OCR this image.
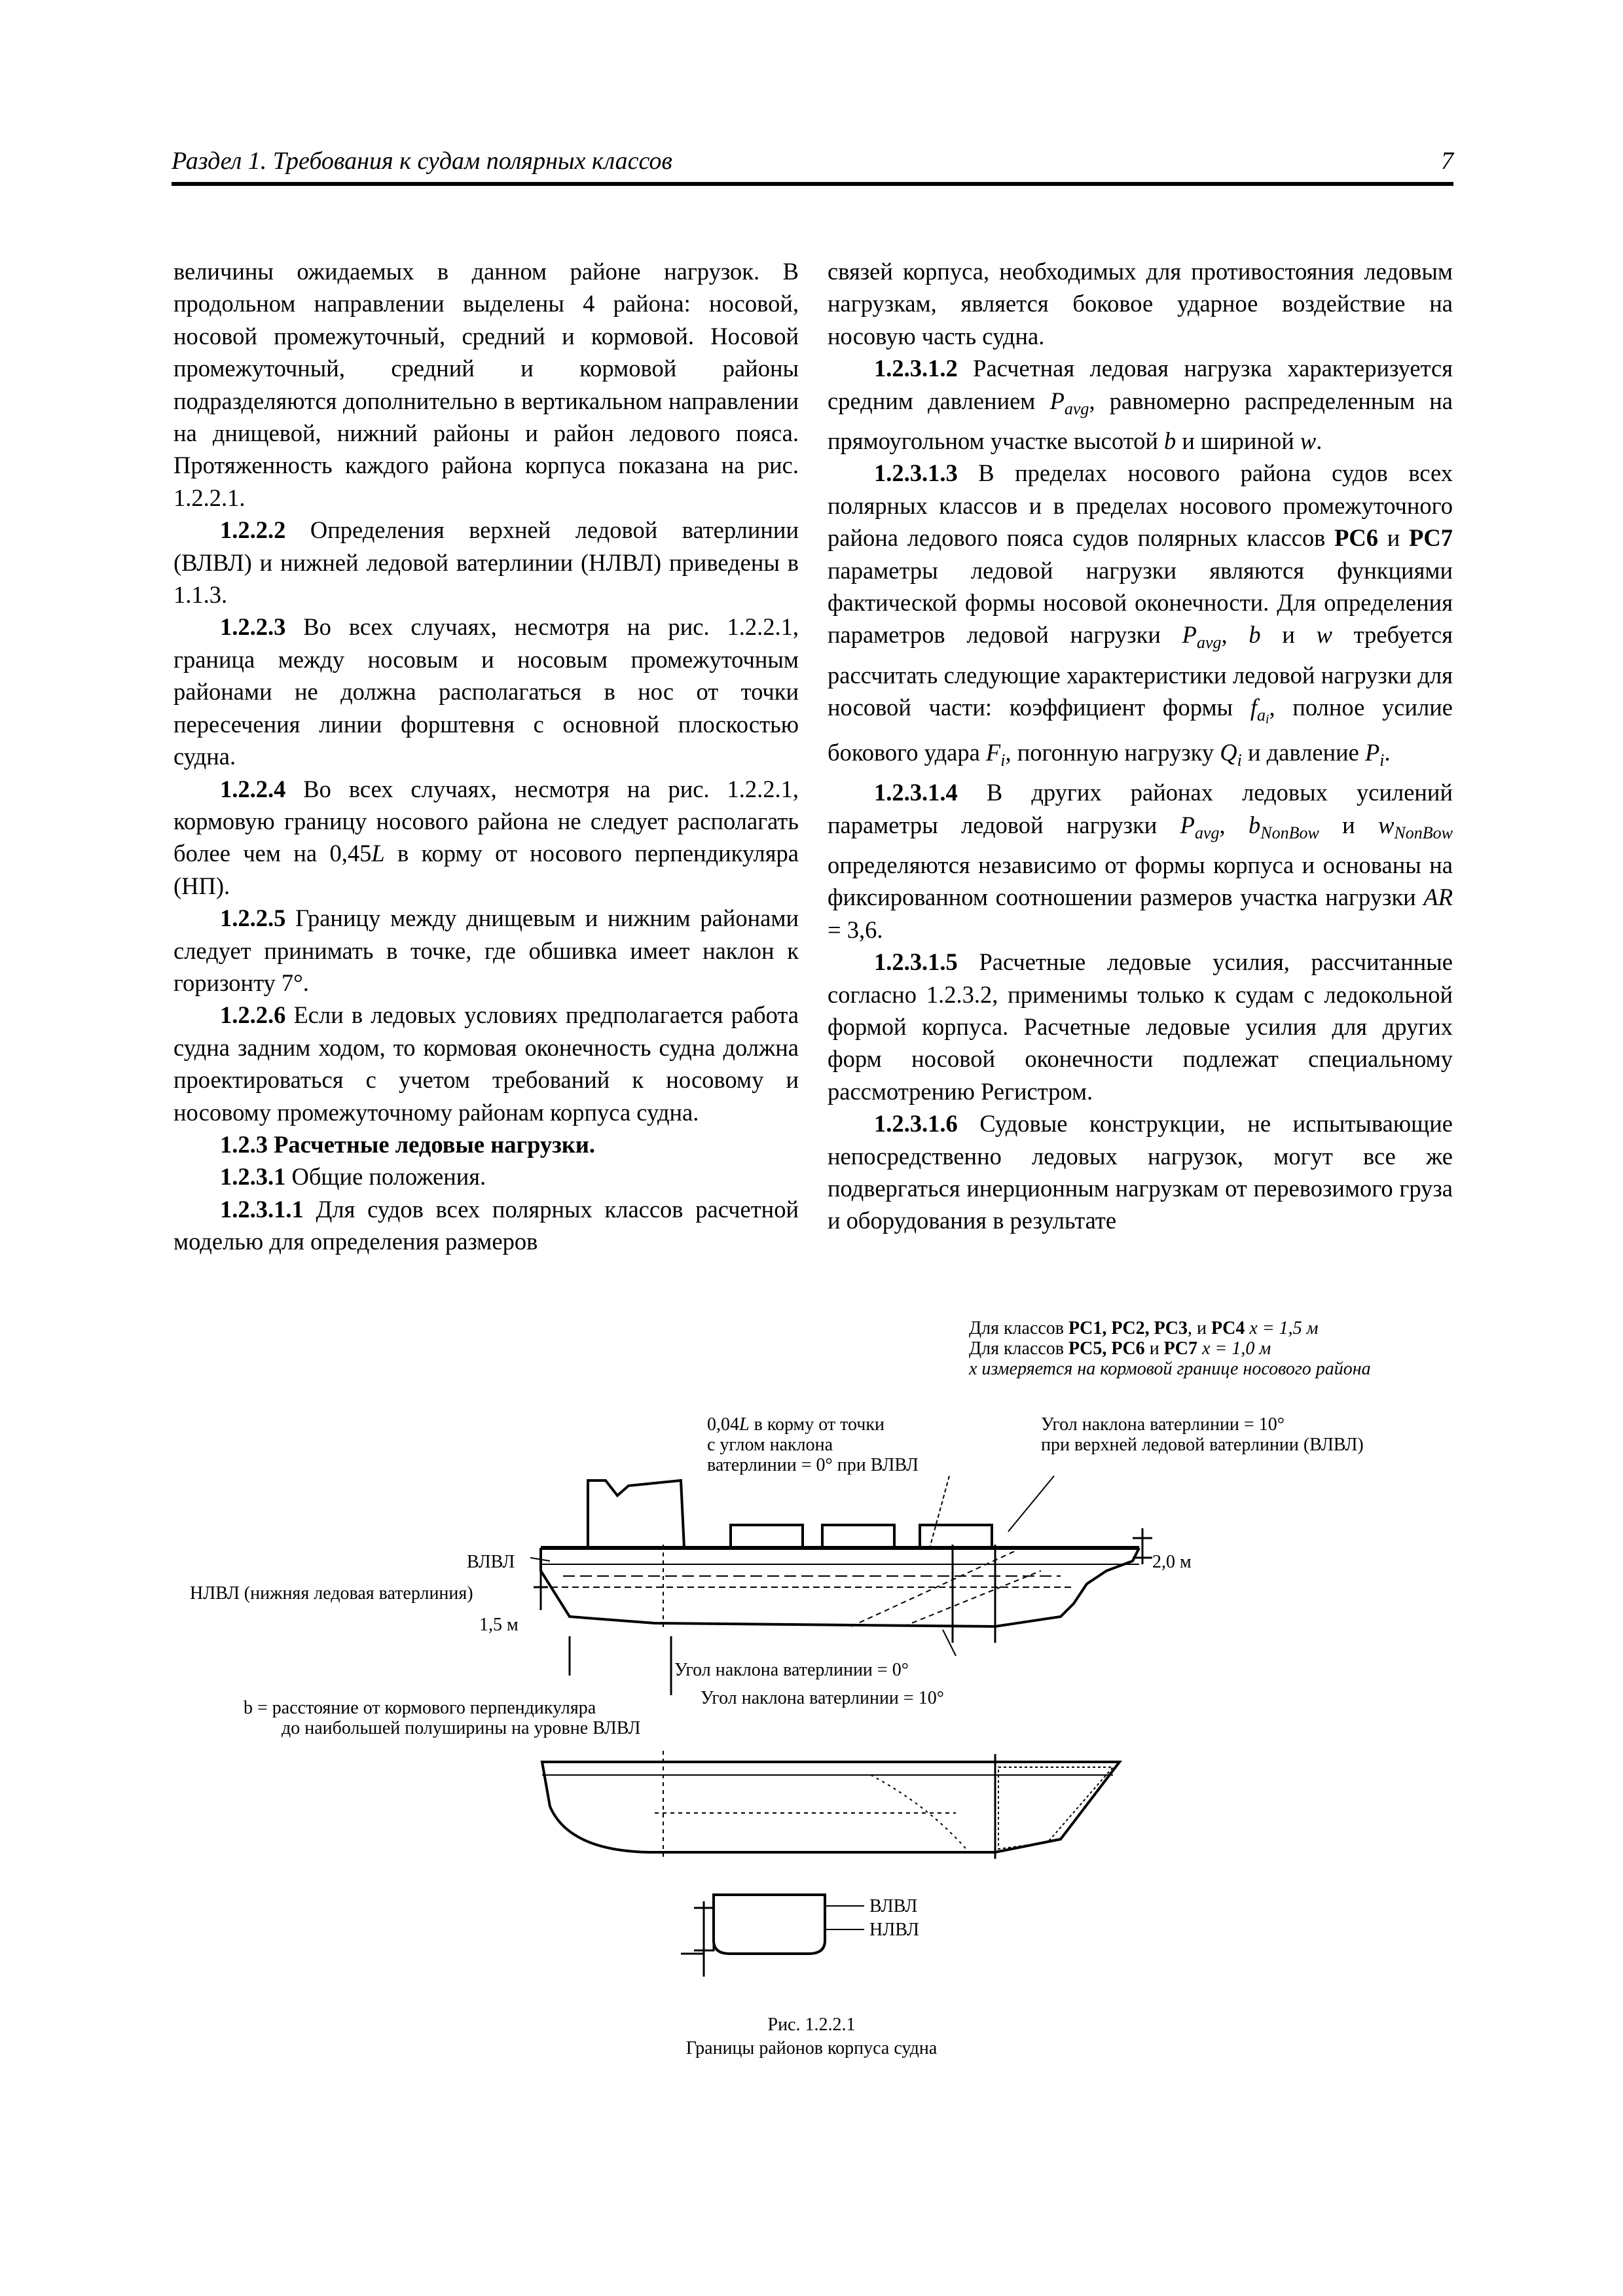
Раздел 1. Требования к судам полярных классов	7

величины ожидаемых в данном районе нагрузок. В продольном направлении выделены 4 района: носовой, носовой промежуточный, средний и кормовой. Носовой промежуточный, средний и кормовой районы подразделяются дополнительно в вертикальном направлении на днищевой, нижний районы и район ледового пояса. Протяженность каждого района корпуса показана на рис. 1.2.2.1.

1.2.2.2 Определения верхней ледовой ватерлинии (ВЛВЛ) и нижней ледовой ватерлинии (НЛВЛ) приведены в 1.1.3.

1.2.2.3 Во всех случаях, несмотря на рис. 1.2.2.1, граница между носовым и носовым промежуточным районами не должна располагаться в нос от точки пересечения линии форштевня с основной плоскостью судна.

1.2.2.4 Во всех случаях, несмотря на рис. 1.2.2.1, кормовую границу носового района не следует располагать более чем на 0,45L в корму от носового перпендикуляра (НП).

1.2.2.5 Границу между днищевым и нижним районами следует принимать в точке, где обшивка имеет наклон к горизонту 7°.

1.2.2.6 Если в ледовых условиях предполагается работа судна задним ходом, то кормовая оконечность судна должна проектироваться с учетом требований к носовому и носовому промежуточному районам корпуса судна.

1.2.3 Расчетные ледовые нагрузки.

1.2.3.1 Общие положения.

1.2.3.1.1 Для судов всех полярных классов расчетной моделью для определения размеров

связей корпуса, необходимых для противостояния ледовым нагрузкам, является боковое ударное воздействие на носовую часть судна.

1.2.3.1.2 Расчетная ледовая нагрузка характеризуется средним давлением $P_{avg}$, равномерно распределенным на прямоугольном участке высотой b и шириной w.

1.2.3.1.3 В пределах носового района судов всех полярных классов и в пределах носового промежуточного района ледового пояса судов полярных классов PC6 и PC7 параметры ледовой нагрузки являются функциями фактической формы носовой оконечности. Для определения параметров ледовой нагрузки $P_{avg}$, b и w требуется рассчитать следующие характеристики ледовой нагрузки для носовой части: коэффициент формы $f_{ai}$, полное усилие бокового удара $F_i$, погонную нагрузку $Q_i$ и давление $P_i$.

1.2.3.1.4 В других районах ледовых усилений параметры ледовой нагрузки $P_{avg}$, $b_{NonBow}$ и $w_{NonBow}$ определяются независимо от формы корпуса и основаны на фиксированном соотношении размеров участка нагрузки AR = 3,6.

1.2.3.1.5 Расчетные ледовые усилия, рассчитанные согласно 1.2.3.2, применимы только к судам с ледокольной формой корпуса. Расчетные ледовые усилия для других форм носовой оконечности подлежат специальному рассмотрению Регистром.

1.2.3.1.6 Судовые конструкции, не испытывающие непосредственно ледовых нагрузок, могут все же подвергаться инерционным нагрузкам от перевозимого груза и оборудования в результате

Для классов PC1, PC2, PC3, и PC4 x = 1,5 м
Для классов PC5, PC6 и PC7 x = 1,0 м
x измеряется на кормовой границе носового района
0,04L в корму от точки
с углом наклона
ватерлинии = 0° при ВЛВЛ
Угол наклона ватерлинии = 10°
при верхней ледовой ватерлинии (ВЛВЛ)
ВЛВЛ
НЛВЛ (нижняя ледовая ватерлиния)
1,5 м
2,0 м
Угол наклона ватерлинии = 0°
Угол наклона ватерлинии = 10°
b = расстояние от кормового перпендикуляра
до наибольшей полуширины на уровне ВЛВЛ
ВЛВЛ
НЛВЛ
Рис. 1.2.2.1
Границы районов корпуса судна
